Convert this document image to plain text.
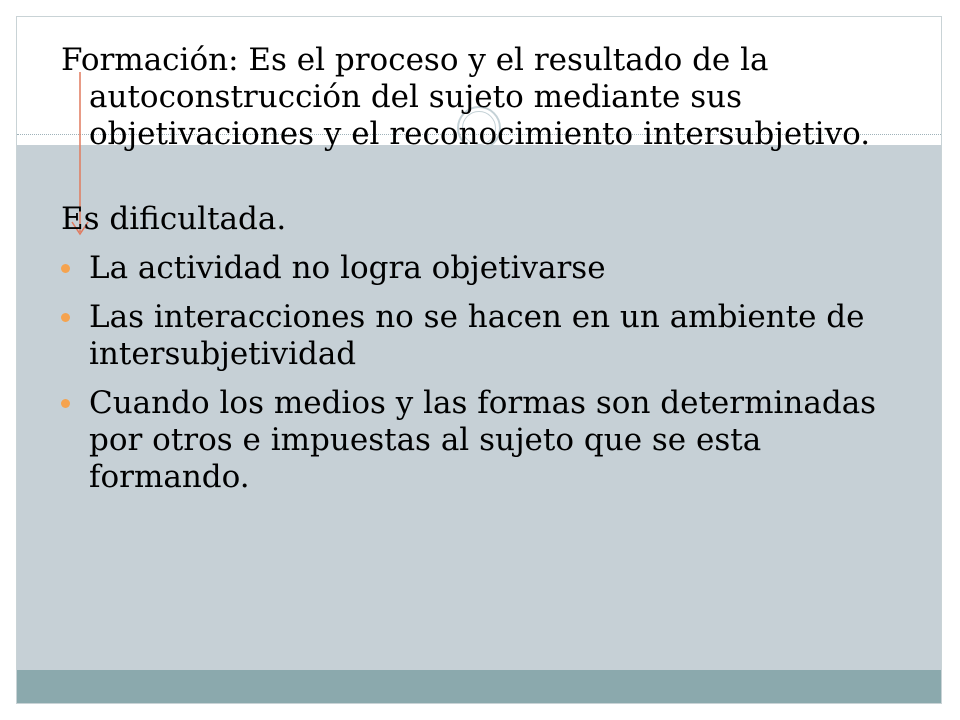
Formación: Es el proceso y el resultado de la autoconstrucción del sujeto mediante sus objetivaciones y el reconocimiento intersubjetivo.

Es dificultada.

La actividad no logra objetivarse
Las interacciones no se hacen en un ambiente de intersubjetividad
Cuando los medios y las formas son determinadas por otros e impuestas al sujeto que se esta formando.
